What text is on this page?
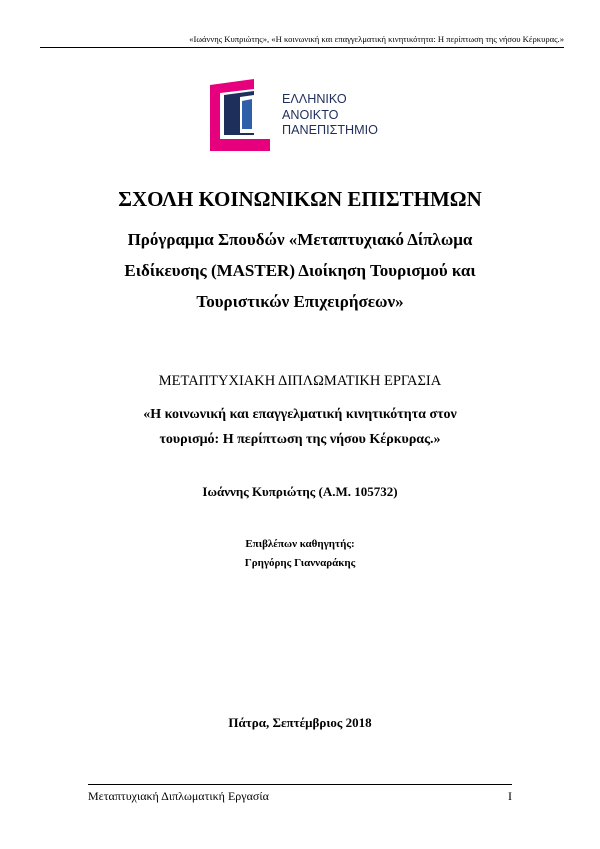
«Ιωάννης Κυπριώτης», «Η κοινωνική και επαγγελματική κινητικότητα: Η περίπτωση της νήσου Κέρκυρας.»
ΕΛΛΗΝΙΚΟ
ΑΝΟΙΚΤΟ
ΠΑΝΕΠΙΣΤΗΜΙΟ
ΣΧΟΛΗ ΚΟΙΝΩΝΙΚΩΝ ΕΠΙΣΤΗΜΩΝ
Πρόγραμμα Σπουδών «Μεταπτυχιακό Δίπλωμα
Ειδίκευσης (MASTER) Διοίκηση Τουρισμού και
Τουριστικών Επιχειρήσεων»
ΜΕΤΑΠΤΥΧΙΑΚΗ ΔΙΠΛΩΜΑΤΙΚΗ ΕΡΓΑΣΙΑ
«Η κοινωνική και επαγγελματική κινητικότητα στον
τουρισμό: Η περίπτωση της νήσου Κέρκυρας.»
Ιωάννης Κυπριώτης (Α.Μ. 105732)
Επιβλέπων καθηγητής:
Γρηγόρης Γιανναράκης
Πάτρα, Σεπτέμβριος 2018
Μεταπτυχιακή Διπλωματική Εργασία	I
